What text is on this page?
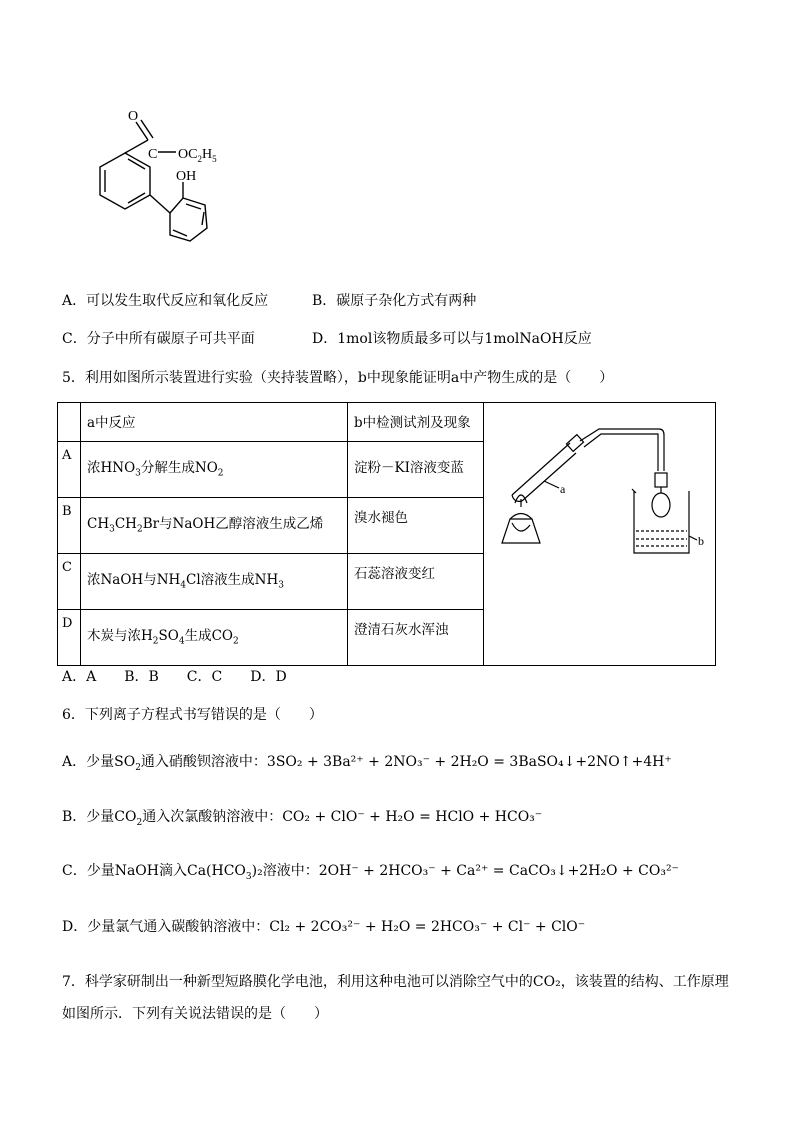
O
C $OC_2H_5$
OH
A．可以发生取代反应和氧化反应	B．碳原子杂化方式有两种
C．分子中所有碳原子可共平面	D．1mol该物质最多可以与1molNaOH反应
5．利用如图所示装置进行实验（夹持装置略），b中现象能证明a中产物生成的是（　　）

	a中反应	b中检测试剂及现象	a
b

A	浓$HNO_3$分解生成$NO_2$	淀粉－KI溶液变蓝	

B	$CH_3CH_2Br$与NaOH乙醇溶液生成乙烯	溴水褪色	

C	浓NaOH与$NH_4Cl$溶液生成$NH_3$	石蕊溶液变红	

D	木炭与浓$H_2SO_4$生成$CO_2$	澄清石灰水浑浊	
A．A　　B．B　　C．C　　D．D
6．下列离子方程式书写错误的是（　　）
A．少量$SO_2$通入硝酸钡溶液中：3SO₂ + 3Ba²⁺ + 2NO₃⁻ + 2H₂O = 3BaSO₄↓+2NO↑+4H⁺
B．少量$CO_2$通入次氯酸钠溶液中：CO₂ + ClO⁻ + H₂O = HClO + HCO₃⁻
C．少量NaOH滴入$Ca(HCO_3)_2$溶液中：2OH⁻ + 2HCO₃⁻ + Ca²⁺ = CaCO₃↓+2H₂O + CO₃²⁻
D．少量氯气通入碳酸钠溶液中：Cl₂ + 2CO₃²⁻ + H₂O = 2HCO₃⁻ + Cl⁻ + ClO⁻
7．科学家研制出一种新型短路膜化学电池，利用这种电池可以消除空气中的CO₂，该装置的结构、工作原理
如图所示．下列有关说法错误的是（　　）
